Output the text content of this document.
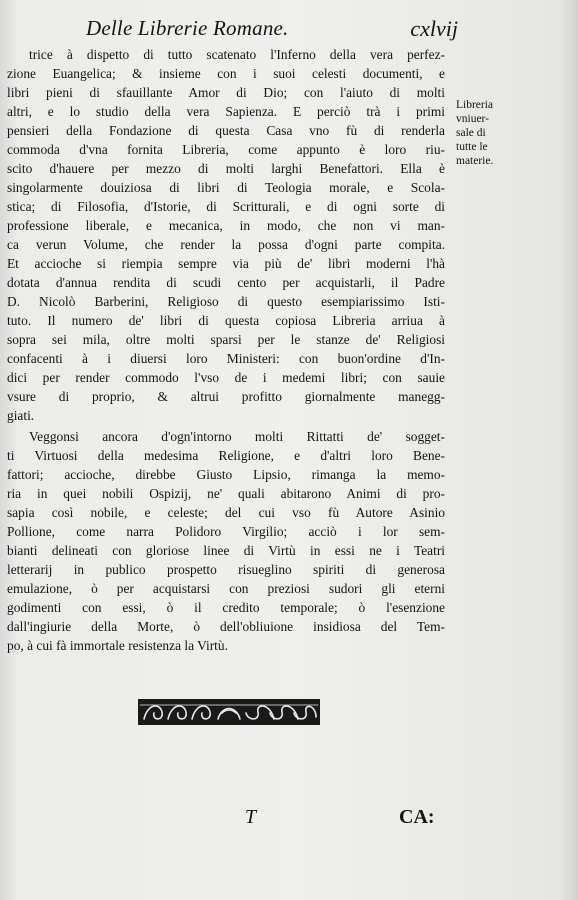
Delle Librerie Romane.	cxlvij
trice à dispetto di tutto scatenato l'Inferno della vera perfez-
zione Euangelica; & insieme con i suoi celesti documenti, e
libri pieni di sfauillante Amor di Dio; con l'aiuto di molti
altri, e lo studio della vera Sapienza. E perciò trà i primi
pensieri della Fondazione di questa Casa vno fù di renderla
commoda d'vna fornita Libreria, come appunto è loro riu-
scito d'hauere per mezzo di molti larghi Benefattori. Ella è
singolarmente douiziosa di libri di Teologia morale, e Scola-
stica; di Filosofia, d'Istorie, di Scritturali, e di ogni sorte di
professione liberale, e mecanica, in modo, che non vi man-
ca verun Volume, che render la possa d'ogni parte compita.
Et accioche si riempia sempre via più de' libri moderni l'hà
dotata d'annua rendita di scudi cento per acquistarli, il Padre
D. Nicolò Barberini, Religioso di questo esempiarissimo Isti-
tuto. Il numero de' libri di questa copiosa Libreria arriua à
sopra sei mila, oltre molti sparsi per le stanze de' Religiosi
confacenti à i diuersi loro Ministeri: con buon'ordine d'In-
dici per render commodo l'vso de i medemi libri; con sauie
vsure di proprio, & altrui profitto giornalmente manegg-
giati.
Veggonsi ancora d'ogn'intorno molti Rittatti de' sogget-
ti Virtuosi della medesima Religione, e d'altri loro Bene-
fattori; accioche, direbbe Giusto Lipsio, rimanga la memo-
ria in quei nobili Ospizij, ne' quali abitarono Animi di pro-
sapia così nobile, e celeste; del cui vso fù Autore Asinio
Pollione, come narra Polidoro Virgilio; acciò i lor sem-
bianti delineati con gloriose linee di Virtù in essi ne i Teatri
letterarij in publico prospetto risueglino spiriti di generosa
emulazione, ò per acquistarsi con preziosi sudori gli eterni
godimenti con essi, ò il credito temporale; ò l'esenzione
dall'ingiurie della Morte, ò dell'obliuione insidiosa del Tem-
po, à cui fà immortale resistenza la Virtù.
Libreria
vniuer-
sale di
tutte le
materie.
T	CA:
